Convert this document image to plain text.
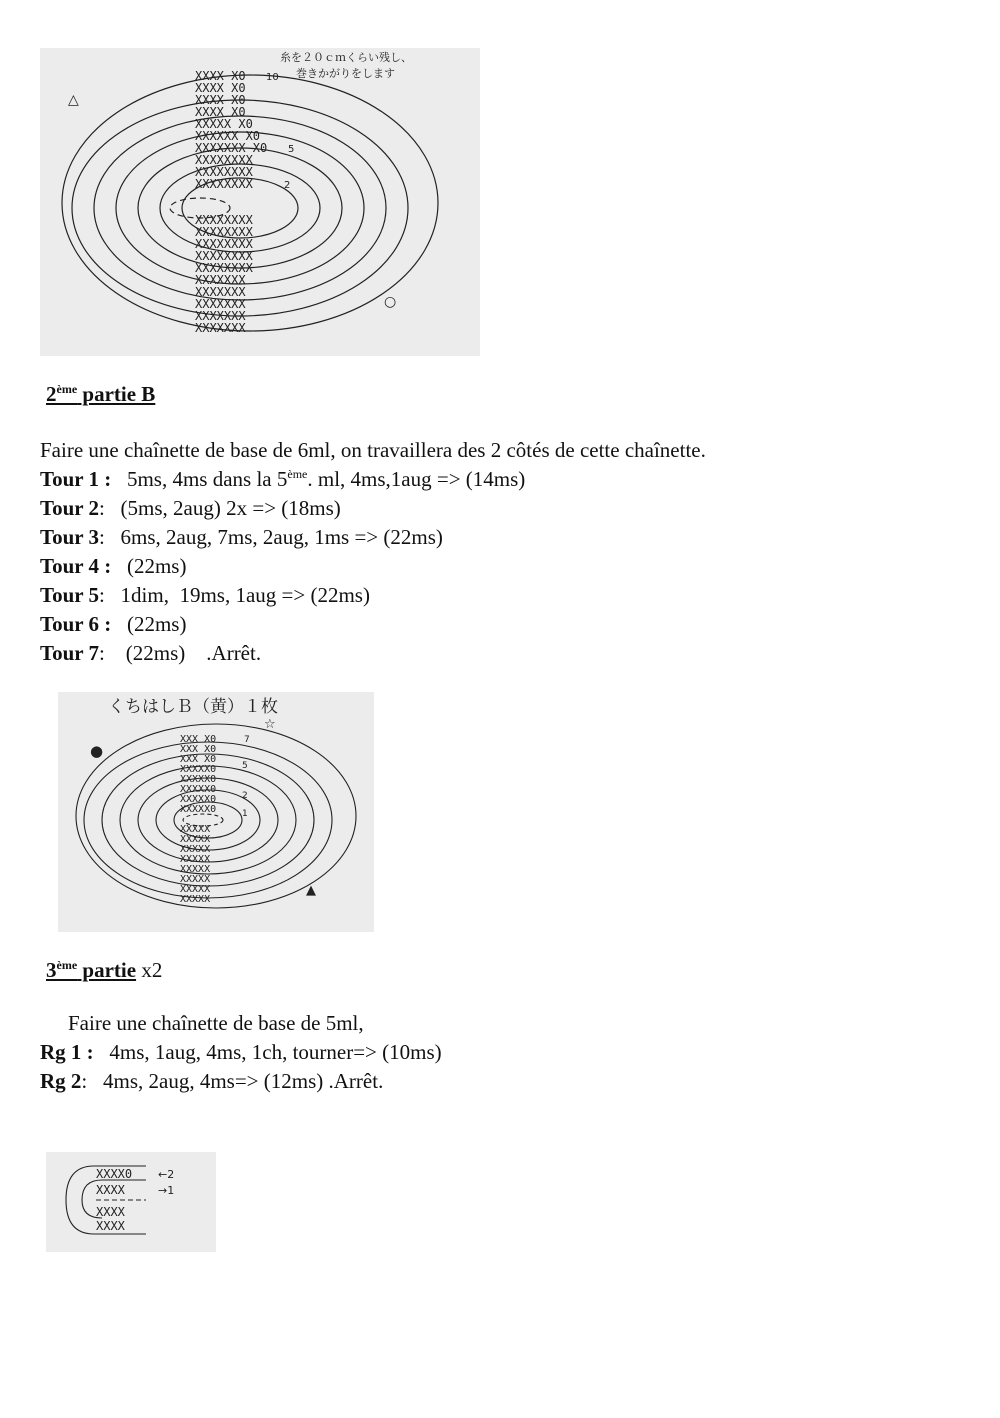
XXXX X0
XXXX X0
XXXX X0
XXXX X0
XXXXX X0
XXXXXX X0
XXXXXXX X0
XXXXXXXX
XXXXXXXX
XXXXXXXX
XXXXXXXX
XXXXXXXX
XXXXXXXX
XXXXXXXX
XXXXXXXX
XXXXXXX
XXXXXXX
XXXXXXX
XXXXXXX
XXXXXXX
10
5
2
糸を２０ｃｍくらい残し、
巻きかがりをします
△
○
2ème partie B
Faire une chaînette de base de 6ml, on travaillera des 2 côtés de cette chaînette.
Tour 1 :   5ms, 4ms dans la 5ème. ml, 4ms,1aug => (14ms)
Tour 2:   (5ms, 2aug) 2x => (18ms)
Tour 3:   6ms, 2aug, 7ms, 2aug, 1ms => (22ms)
Tour 4 :   (22ms)
Tour 5:   1dim,  19ms, 1aug => (22ms)
Tour 6 :   (22ms)
Tour 7:    (22ms)    .Arrêt.
くちはしＢ（黄）１枚
XXX X0
XXX X0
XXX X0
XXXXX0
XXXXX0
XXXXX0
XXXXX0
XXXXX0
XXXXX
XXXXX
XXXXX
XXXXX
XXXXX
XXXXX
XXXXX
XXXXX
7
5
2
1
☆
●
▲
3ème partie x2
Faire une chaînette de base de 5ml,
Rg 1 :   4ms, 1aug, 4ms, 1ch, tourner=> (10ms)
Rg 2:   4ms, 2aug, 4ms=> (12ms) .Arrêt.
XXXX0
XXXX
XXXX
XXXX
←2
→1
